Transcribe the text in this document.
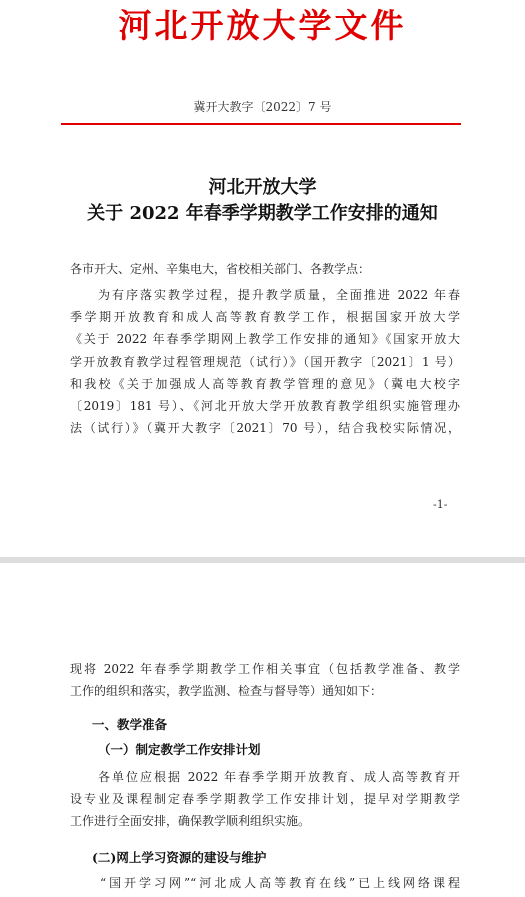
河北开放大学文件
冀开大教字〔2022〕7 号
河北开放大学
关于 2022 年春季学期教学工作安排的通知

各市开大、定州、辛集电大，省校相关部门、各教学点：

　　为有序落实教学过程，提升教学质量，全面推进 2022 年春

季学期开放教育和成人高等教育教学工作，根据国家开放大学

《关于 2022 年春季学期网上教学工作安排的通知》《国家开放大

学开放教育教学过程管理规范（试行）》（国开教字〔2021〕1 号）

和我校《关于加强成人高等教育教学管理的意见》（冀电大校字

〔2019〕181 号）、《河北开放大学开放教育教学组织实施管理办

法（试行）》（冀开大教字〔2021〕70 号），结合我校实际情况，

-1-

现将 2022 年春季学期教学工作相关事宜（包括教学准备、教学

工作的组织和落实，教学监测、检查与督导等）通知如下：

一、教学准备
（一）制定教学工作安排计划

　　各单位应根据 2022 年春季学期开放教育、成人高等教育开

设专业及课程制定春季学期教学工作安排计划，提早对学期教学

工作进行全面安排，确保教学顺利组织实施。

(二)网上学习资源的建设与维护

　　“国开学习网”“河北成人高等教育在线”已上线网络课程
